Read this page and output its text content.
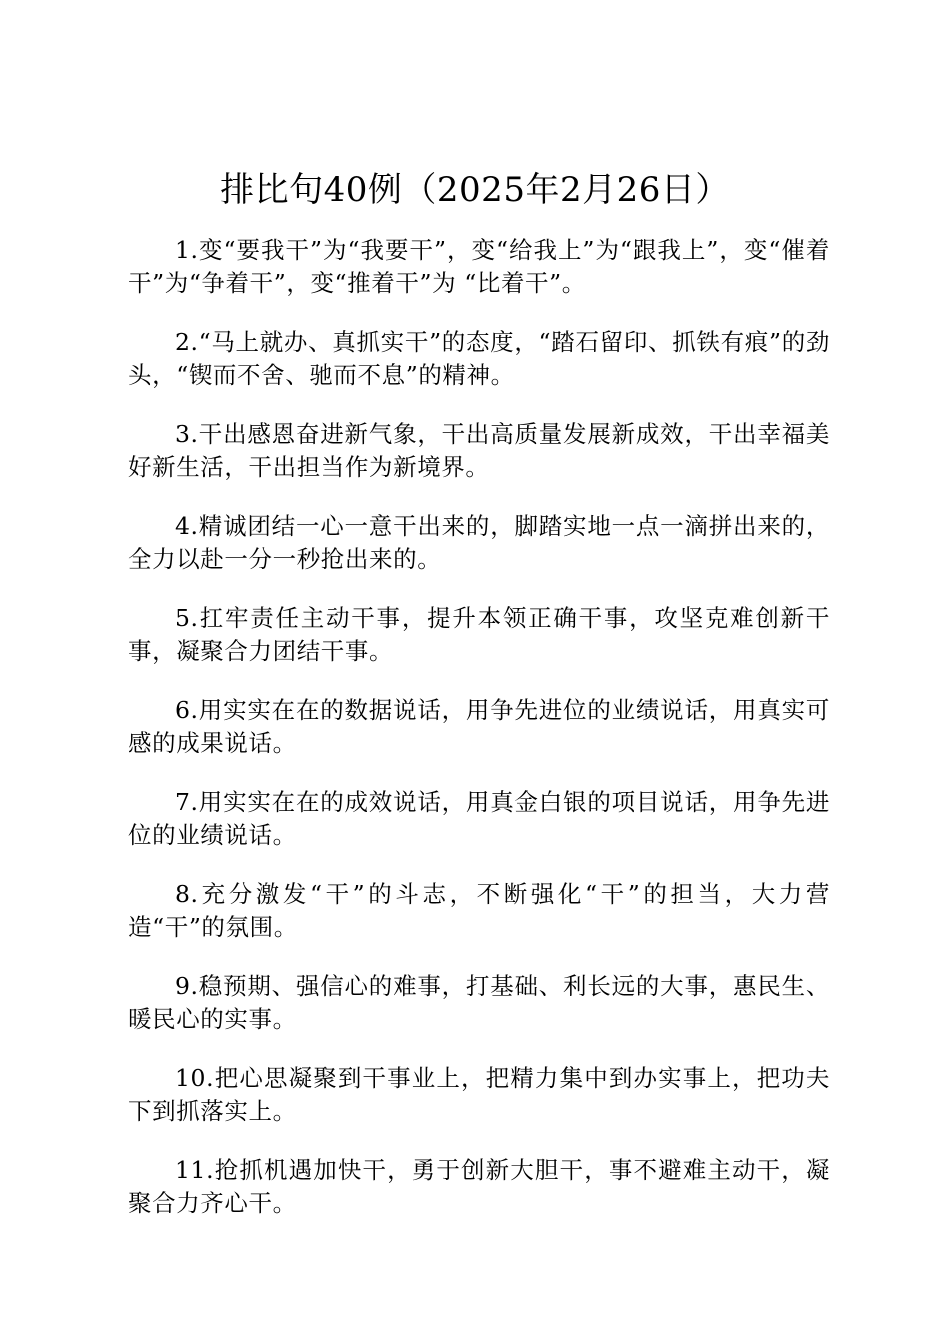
排比句40例（2025年2月26日）

1.变“要我干”为“我要干”，变“给我上”为“跟我上”，变“催着干”为“争着干”，变“推着干”为 “比着干”。

2.“马上就办、真抓实干”的态度，“踏石留印、抓铁有痕”的劲头，“锲而不舍、驰而不息”的精神。

3.干出感恩奋进新气象，干出高质量发展新成效，干出幸福美好新生活，干出担当作为新境界。

4.精诚团结一心一意干出来的，脚踏实地一点一滴拼出来的，全力以赴一分一秒抢出来的。

5.扛牢责任主动干事，提升本领正确干事，攻坚克难创新干事，凝聚合力团结干事。

6.用实实在在的数据说话，用争先进位的业绩说话，用真实可感的成果说话。

7.用实实在在的成效说话，用真金白银的项目说话，用争先进位的业绩说话。

8.充分激发“干”的斗志，不断强化“干”的担当，大力营造“干”的氛围。

9.稳预期、强信心的难事，打基础、利长远的大事，惠民生、暖民心的实事。

10.把心思凝聚到干事业上，把精力集中到办实事上，把功夫下到抓落实上。

11.抢抓机遇加快干，勇于创新大胆干，事不避难主动干，凝聚合力齐心干。
